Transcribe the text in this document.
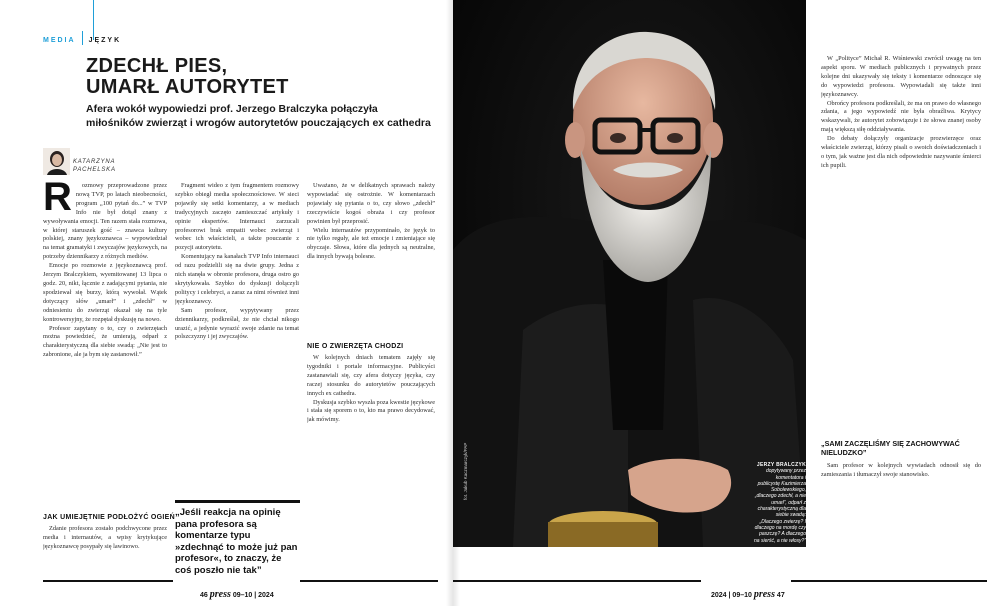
MEDIA JĘZYK
ZDECHŁ PIES,
UMARŁ AUTORYTET
Afera wokół wypowiedzi prof. Jerzego Bralczyka połączyła miłośników zwierząt i wrogów autorytetów pouczających ex cathedra
KATARZYNA
PACHELSKA
R	ozmowy przeprowadzone przez nową TVP, po latach nieobecności, program „100 pytań do...” w TVP Info nie był dotąd znany z wywoływania emocji. Ten razem stała rozmowa, w której staruszek gość – znawca kultury polskiej, znany językoznawca – wypowiedział na temat gramatyki i zwyczajów językowych, na potrzeby dziennikarzy z różnych mediów.

Emocje po rozmowie z językoznawcą prof. Jerzym Bralczykiem, wyemitowanej 13 lipca o godz. 20, nikt, łącznie z zadającymi pytania, nie spodziewał się burzy, którą wywołał. Wątek dotyczący słów „umarł” i „zdechł” w odniesieniu do zwierząt okazał się na tyle kontrowersyjny, że rozpętał dyskusję na nowo.

Profesor zapytany o to, czy o zwierzętach można powiedzieć, że umierają, odparł z charakterystyczną dla siebie swadą: „Nie jest to zabronione, ale ja bym się zastanowił.”

JAK UMIEJĘTNIE PODŁOŻYĆ OGIEŃ

Zdanie profesora zostało podchwycone przez media i internautów, a wpisy krytykujące językoznawcę posypały się lawinowo.

Fragment wideo z tym fragmentem rozmowy szybko obiegł media społecznościowe. W sieci pojawiły się setki komentarzy, a w mediach tradycyjnych zaczęto zamieszczać artykuły i opinie ekspertów. Internauci zarzucali profesorowi brak empatii wobec zwierząt i wobec ich właścicieli, a także pouczanie z pozycji autorytetu.

Komentujący na kanałach TVP Info internauci od razu podzielili się na dwie grupy. Jedna z nich stanęła w obronie profesora, druga ostro go skrytykowała. Szybko do dyskusji dołączyli politycy i celebryci, a zaraz za nimi również inni językoznawcy.

Sam profesor, wypytywany przez dziennikarzy, podkreślał, że nie chciał nikogo urazić, a jedynie wyrazić swoje zdanie na temat polszczyzny i jej zwyczajów.

„Jeśli reakcja na opinię pana profesora są komentarze typu »zdechnąć to może już pan profesor«, to znaczy, że coś poszło nie tak”

Uważano, że w delikatnych sprawach należy wypowiadać się ostrożnie. W komentarzach pojawiały się pytania o to, czy słowo „zdechł” rzeczywiście kogoś obraża i czy profesor powinien był przeprosić.

Wielu internautów przypominało, że język to nie tylko reguły, ale też emocje i zmieniające się obyczaje. Słowa, które dla jednych są neutralne, dla innych bywają bolesne.

NIE O ZWIERZĘTA CHODZI

W kolejnych dniach tematem zajęły się tygodniki i portale informacyjne. Publicyści zastanawiali się, czy afera dotyczy języka, czy raczej stosunku do autorytetów pouczających innych ex cathedra.

Dyskusja szybko wyszła poza kwestie językowe i stała się sporem o to, kto ma prawo decydować, jak mówimy.

46 press 09–10 | 2024
fot. Jakub Kaczmarczyk/PAP	JERZY BRALCZYK
dopytywany przez komentatora i publicystę Kazimierza Sobolewskiego, „dlaczego zdechł, a nie umarł”, odparł z charakterystyczną dla siebie swadą: „Dlaczego zwierzę? I dlaczego na mordę czy paszczę? A dlaczego na sierść, a nie włosy?”

W „Polityce” Michał R. Wiśniewski zwrócił uwagę na ten aspekt sporu. W mediach publicznych i prywatnych przez kolejne dni ukazywały się teksty i komentarze odnoszące się do wypowiedzi profesora. Wypowiadali się także inni językoznawcy.

Obrońcy profesora podkreślali, że ma on prawo do własnego zdania, a jego wypowiedź nie była obraźliwa. Krytycy wskazywali, że autorytet zobowiązuje i że słowa znanej osoby mają większą siłę oddziaływania.

Do debaty dołączyły organizacje prozwierzęce oraz właściciele zwierząt, którzy pisali o swoich doświadczeniach i o tym, jak ważne jest dla nich odpowiednie nazywanie śmierci ich pupili.

„SAMI ZACZĘLIŚMY SIĘ ZACHOWYWAĆ NIELUDZKO”

Sam profesor w kolejnych wywiadach odnosił się do zamieszania i tłumaczył swoje stanowisko.

2024 | 09–10 press 47
